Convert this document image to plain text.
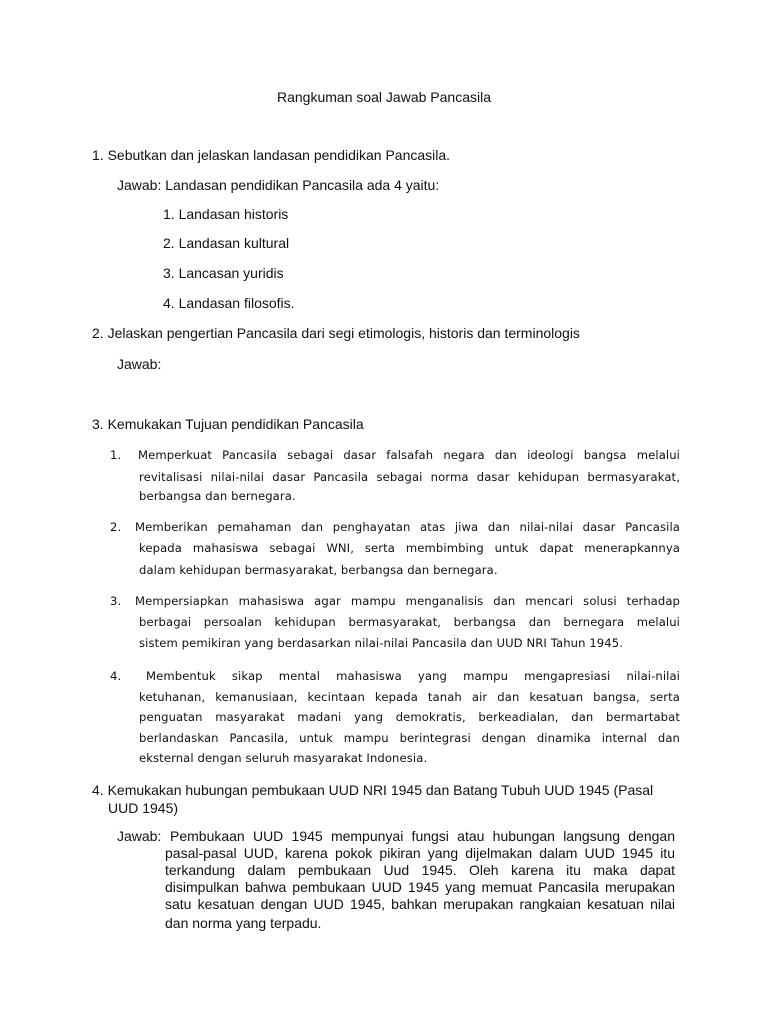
Rangkuman soal Jawab Pancasila
1. Sebutkan dan jelaskan landasan pendidikan Pancasila.
Jawab: Landasan pendidikan Pancasila ada 4 yaitu:
1. Landasan historis
2. Landasan kultural
3. Lancasan yuridis
4. Landasan filosofis.
2. Jelaskan pengertian Pancasila dari segi etimologis, historis dan terminologis
Jawab:
3. Kemukakan Tujuan pendidikan Pancasila
1. Memperkuat Pancasila sebagai dasar falsafah negara dan ideologi bangsa melalui
revitalisasi nilai-nilai dasar Pancasila sebagai norma dasar kehidupan bermasyarakat,
berbangsa dan bernegara.
2. Memberikan pemahaman dan penghayatan atas jiwa dan nilai-nilai dasar Pancasila
kepada mahasiswa sebagai WNI, serta membimbing untuk dapat menerapkannya
dalam kehidupan bermasyarakat, berbangsa dan bernegara.
3. Mempersiapkan mahasiswa agar mampu menganalisis dan mencari solusi terhadap
berbagai persoalan kehidupan bermasyarakat, berbangsa dan bernegara melalui
sistem pemikiran yang berdasarkan nilai-nilai Pancasila dan UUD NRI Tahun 1945.
4. Membentuk sikap mental mahasiswa yang mampu mengapresiasi nilai-nilai
ketuhanan, kemanusiaan, kecintaan kepada tanah air dan kesatuan bangsa, serta
penguatan masyarakat madani yang demokratis, berkeadialan, dan bermartabat
berlandaskan Pancasila, untuk mampu berintegrasi dengan dinamika internal dan
eksternal dengan seluruh masyarakat Indonesia.
4. Kemukakan hubungan pembukaan UUD NRI 1945 dan Batang Tubuh UUD 1945 (Pasal
UUD 1945)
Jawab: Pembukaan UUD 1945 mempunyai fungsi atau hubungan langsung dengan
pasal-pasal UUD, karena pokok pikiran yang dijelmakan dalam UUD 1945 itu
terkandung dalam pembukaan Uud 1945. Oleh karena itu maka dapat
disimpulkan bahwa pembukaan UUD 1945 yang memuat Pancasila merupakan
satu kesatuan dengan UUD 1945, bahkan merupakan rangkaian kesatuan nilai
dan norma yang terpadu.
